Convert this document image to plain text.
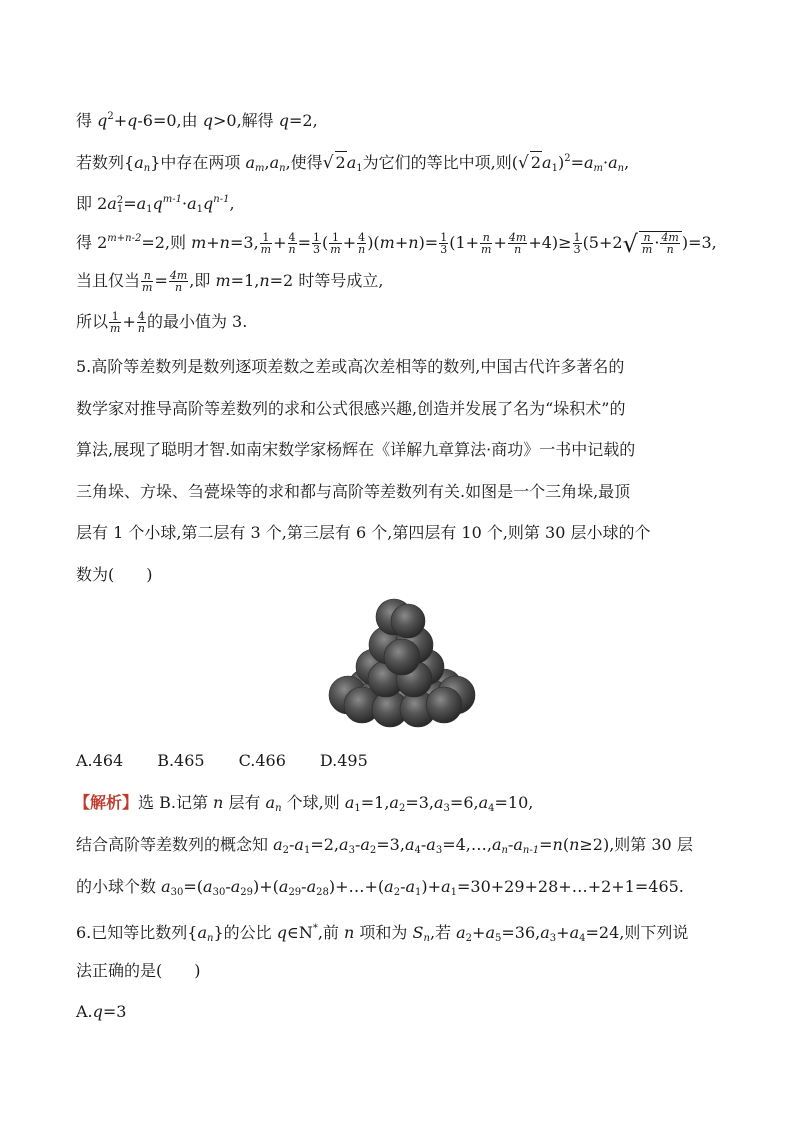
得 $q^2+q-6=0$,由 q>0,解得 q=2,
若数列$\{a_n\}$中存在两项 $a_m,a_n$,使得√ $2a_1$为它们的等比中项,则(√ $2a_1)^2=a_m\cdot a_n$,
即 2a 2
$1 =a_1q^{m-1}\cdot a_1q^{n-1}$,
得 $2^{m+n-2}=2$,则 m+n=3, $\frac{1}{m} + \frac{4}{n} = \frac{1}{3}$ ( $\frac{1}{m} + \frac{4}{n} )(m+n)= \frac{1}{3} (1+ \frac{n}{m} + \frac{4m}{n} +4)\ge \frac{1}{3} (5+2√ \frac{n}{m} \cdot \frac{4m}{n} )=3$,
当且仅当 $\frac{n}{m} = \frac{4m}{n}$ ,即 m=1,n=2 时等号成立,
所以 $\frac{1}{m} + \frac{4}{n}$ 的最小值为 3.
5.高阶等差数列是数列逐项差数之差或高次差相等的数列,中国古代许多著名的
数学家对推导高阶等差数列的求和公式很感兴趣,创造并发展了名为“垛积术”的
算法,展现了聪明才智.如南宋数学家杨辉在《详解九章算法·商功》一书中记载的
三角垛、方垛、刍甍垛等的求和都与高阶等差数列有关.如图是一个三角垛,最顶
层有 1 个小球,第二层有 3 个,第三层有 6 个,第四层有 10 个,则第 30 层小球的个
数为(　　)
A.464 B.465 C.466 D.495
【解析】选 B.记第 n 层有 $a_n$ 个球,则 $a_1=1,a_2=3,a_3=6,a_4=10$,
结合高阶等差数列的概念知 $a_2-a_1=2,a_3-a_2=3,a_4-a_3=4,\dots,a_n-a_{n-1}=n(n\ge 2)$,则第 30 层
的小球个数 $a_{30}=(a_{30}-a_{29})+(a_{29}-a_{28})+\dots+(a_2-a_1)+a_1=30+29+28+\dots+2+1=465$.
6.已知等比数列$\{a_n\}$的公比 q∈N*,前 n 项和为 $S_n$,若 $a_2+a_5=36,a_3+a_4=24$,则下列说
法正确的是(　　)
A.q=3
